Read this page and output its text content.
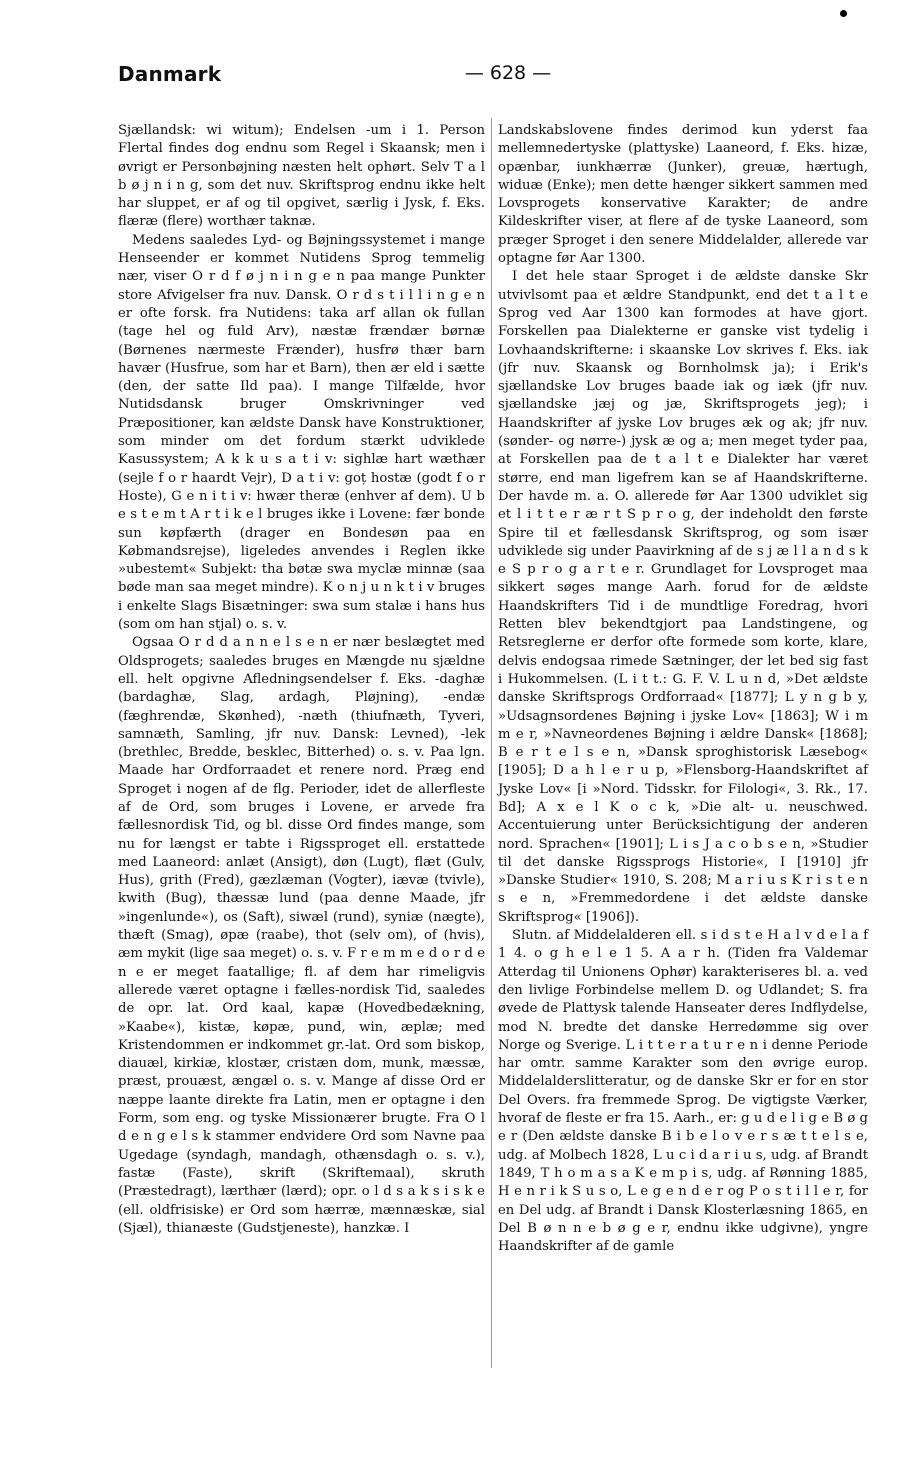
Danmark	— 628 —

Sjællandsk: wi witum); Endelsen -um i 1. Person Flertal findes dog endnu som Regel i Skaansk; men i øvrigt er Personbøjning næsten helt ophørt. Selv T a l b ø j n i n g, som det nuv. Skriftsprog endnu ikke helt har sluppet, er af og til opgivet, særlig i Jysk, f. Eks. flæræ (flere) worthær taknæ.

Medens saaledes Lyd- og Bøjningssystemet i mange Henseender er kommet Nutidens Sprog temmelig nær, viser O r d f ø j n i n g e n paa mange Punkter store Afvigelser fra nuv. Dansk. O r d s t i l l i n g e n er ofte forsk. fra Nutidens: taka arf allan ok fullan (tage hel og fuld Arv), næstæ frændær børnæ (Børnenes nærmeste Frænder), husfrø thær barn havær (Husfrue, som har et Barn), then ær eld i sætte (den, der satte Ild paa). I mange Tilfælde, hvor Nutidsdansk bruger Omskrivninger ved Præpositioner, kan ældste Dansk have Konstruktioner, som minder om det fordum stærkt udviklede Kasussystem; A k k u s a t i v: sighlæ hart wæthær (sejle f o r haardt Vejr), D a t i v: goț hostæ (godt f o r Hoste), G e n i t i v: hwær theræ (enhver af dem). U b e s t e m t A r t i k e l bruges ikke i Lovene: fær bonde sun køpfærth (drager en Bondesøn paa en Købmandsrejse), ligeledes anvendes i Reglen ikke »ubestemt« Subjekt: tha bøtæ swa myclæ minnæ (saa bøde man saa meget mindre). K o n j u n k t i v bruges i enkelte Slags Bisætninger: swa sum stalæ i hans hus (som om han stjal) o. s. v.

Ogsaa O r d d a n n e l s e n er nær beslægtet med Oldsprogets; saaledes bruges en Mængde nu sjældne ell. helt opgivne Afledningsendelser f. Eks. -daghæ (bardaghæ, Slag, ardagh, Pløjning), -endæ (fæghrendæ, Skønhed), -næth (thiufnæth, Tyveri, samnæth, Samling, jfr nuv. Dansk: Levned), -lek (brethlec, Bredde, besklec, Bitterhed) o. s. v. Paa lgn. Maade har Ordforraadet et renere nord. Præg end Sproget i nogen af de flg. Perioder, idet de allerfleste af de Ord, som bruges i Lovene, er arvede fra fællesnordisk Tid, og bl. disse Ord findes mange, som nu for længst er tabte i Rigssproget ell. erstattede med Laaneord: anlæt (Ansigt), døn (Lugt), flæt (Gulv, Hus), grith (Fred), gæzlæman (Vogter), iævæ (tvivle), kwith (Bug), thæssæ lund (paa denne Maade, jfr »ingenlunde«), os (Saft), siwæl (rund), syniæ (nægte), thæft (Smag), øpæ (raabe), thot (selv om), of (hvis), æm mykit (lige saa meget) o. s. v. F r e m m e d o r d e n e er meget faatallige; fl. af dem har rimeligvis allerede været optagne i fælles-nordisk Tid, saaledes de opr. lat. Ord kaal, kapæ (Hovedbedækning, »Kaabe«), kistæ, køpæ, pund, win, æplæ; med Kristendommen er indkommet gr.-lat. Ord som biskop, diauæl, kirkiæ, klostær, cristæn dom, munk, mæssæ, præst, prouæst, ængæl o. s. v. Mange af disse Ord er næppe laante direkte fra Latin, men er optagne i den Form, som eng. og tyske Missionærer brugte. Fra O l d e n g e l s k stammer endvidere Ord som Navne paa Ugedage (syndagh, mandagh, othænsdagh o. s. v.), fastæ (Faste), skrift (Skriftemaal), skruth (Præstedragt), lærthær (lærd); opr. o l d s a k s i s k e (ell. oldfrisiske) er Ord som hærræ, mænnæskæ, sial (Sjæl), thianæste (Gudstjeneste), hanzkæ. I

Landskabslovene findes derimod kun yderst faa mellemnedertyske (plattyske) Laaneord, f. Eks. hizæ, opænbar, iunkhærræ (Junker), greuæ, hærtugh, widuæ (Enke); men dette hænger sikkert sammen med Lovsprogets konservative Karakter; de andre Kildeskrifter viser, at flere af de tyske Laaneord, som præger Sproget i den senere Middelalder, allerede var optagne før Aar 1300.

I det hele staar Sproget i de ældste danske Skr utvivlsomt paa et ældre Standpunkt, end det t a l t e Sprog ved Aar 1300 kan formodes at have gjort. Forskellen paa Dialekterne er ganske vist tydelig i Lovhaandskrifterne: i skaanske Lov skrives f. Eks. iak (jfr nuv. Skaansk og Bornholmsk ja); i Erik's sjællandske Lov bruges baade iak og iæk (jfr nuv. sjællandske jæj og jæ, Skriftsprogets jeg); i Haandskrifter af jyske Lov bruges æk og ak; jfr nuv. (sønder- og nørre-) jysk æ og a; men meget tyder paa, at Forskellen paa de t a l t e Dialekter har været større, end man ligefrem kan se af Haandskrifterne. Der havde m. a. O. allerede før Aar 1300 udviklet sig et l i t t e r æ r t S p r o g, der indeholdt den første Spire til et fællesdansk Skriftsprog, og som især udviklede sig under Paavirkning af de s j æ l l a n d s k e S p r o g a r t e r. Grundlaget for Lovsproget maa sikkert søges mange Aarh. forud for de ældste Haandskrifters Tid i de mundtlige Foredrag, hvori Retten blev bekendtgjort paa Landstingene, og Retsreglerne er derfor ofte formede som korte, klare, delvis endogsaa rimede Sætninger, der let bed sig fast i Hukommelsen. (L i t t.: G. F. V. L u n d, »Det ældste danske Skriftsprogs Ordforraad« [1877]; L y n g b y, »Udsagnsordenes Bøjning i jyske Lov« [1863]; W i m m e r, »Navneordenes Bøjning i ældre Dansk« [1868]; B e r t e l s e n, »Dansk sproghistorisk Læsebog« [1905]; D a h l e r u p, »Flensborg-Haandskriftet af Jyske Lov« [i »Nord. Tidsskr. for Filologi«, 3. Rk., 17. Bd]; A x e l K o c k, »Die alt- u. neuschwed. Accentuierung unter Berücksichtigung der anderen nord. Sprachen« [1901]; L i s J a c o b s e n, »Studier til det danske Rigssprogs Historie«, I [1910] jfr »Danske Studier« 1910, S. 208; M a r i u s K r i s t e n s e n, »Fremmedordene i det ældste danske Skriftsprog« [1906]).

Slutn. af Middelalderen ell. s i d s t e H a l v d e l a f 1 4. o g h e l e 1 5. A a r h. (Tiden fra Valdemar Atterdag til Unionens Ophør) karakteriseres bl. a. ved den livlige Forbindelse mellem D. og Udlandet; S. fra øvede de Plattysk talende Hanseater deres Indflydelse, mod N. bredte det danske Herredømme sig over Norge og Sverige. L i t t e r a t u r e n i denne Periode har omtr. samme Karakter som den øvrige europ. Middelalderslitteratur, og de danske Skr er for en stor Del Overs. fra fremmede Sprog. De vigtigste Værker, hvoraf de fleste er fra 15. Aarh., er: g u d e l i g e B ø g e r (Den ældste danske B i b e l o v e r s æ t t e l s e, udg. af Molbech 1828, L u c i d a r i u s, udg. af Brandt 1849, T h o m a s a K e m p i s, udg. af Rønning 1885, H e n r i k S u s o, L e g e n d e r og P o s t i l l e r, for en Del udg. af Brandt i Dansk Klosterlæsning 1865, en Del B ø n n e b ø g e r, endnu ikke udgivne), yngre Haandskrifter af de gamle
